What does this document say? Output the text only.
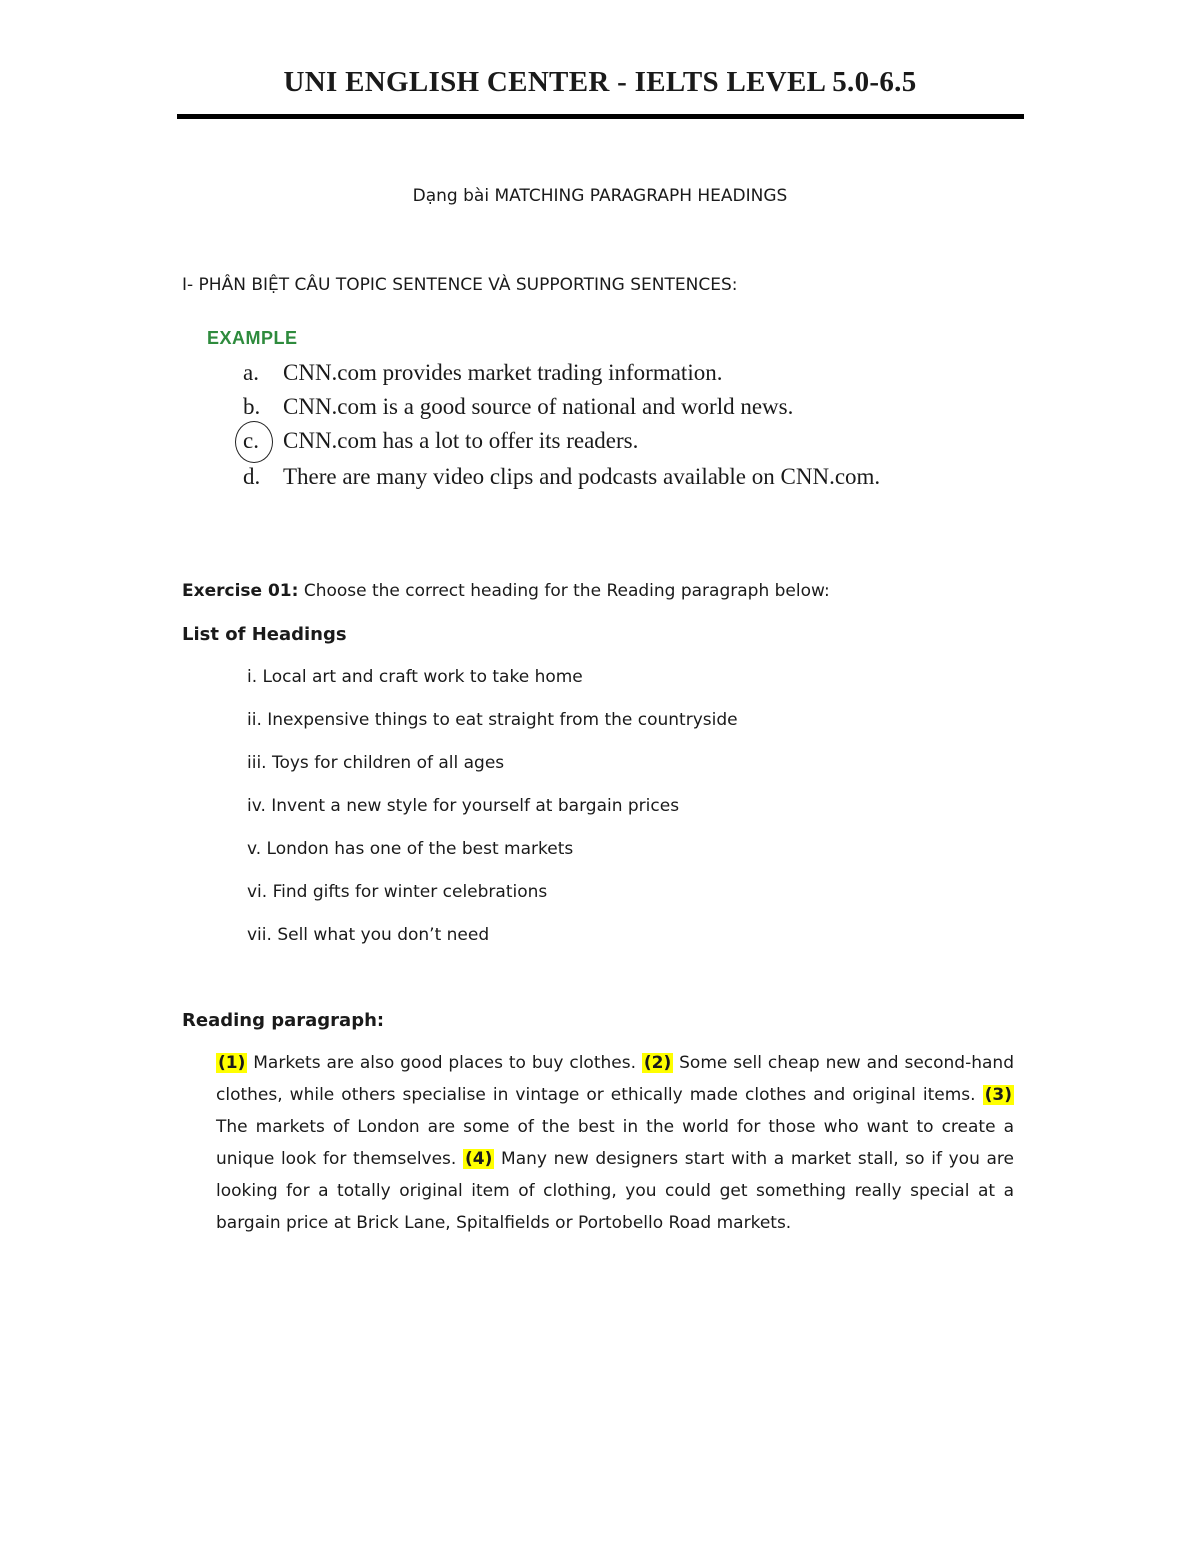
UNI ENGLISH CENTER - IELTS LEVEL 5.0-6.5
Dạng bài MATCHING PARAGRAPH HEADINGS
I- PHÂN BIỆT CÂU TOPIC SENTENCE VÀ SUPPORTING SENTENCES:
EXAMPLE
a. CNN.com provides market trading information.
b. CNN.com is a good source of national and world news.
c. CNN.com has a lot to offer its readers.
d. There are many video clips and podcasts available on CNN.com.
Exercise 01: Choose the correct heading for the Reading paragraph below:
List of Headings
i. Local art and craft work to take home
ii. Inexpensive things to eat straight from the countryside
iii. Toys for children of all ages
iv. Invent a new style for yourself at bargain prices
v. London has one of the best markets
vi. Find gifts for winter celebrations
vii. Sell what you don’t need
Reading paragraph:
(1) Markets are also good places to buy clothes. (2) Some sell cheap new and second-hand clothes, while others specialise in vintage or ethically made clothes and original items. (3) The markets of London are some of the best in the world for those who want to create a unique look for themselves. (4) Many new designers start with a market stall, so if you are looking for a totally original item of clothing, you could get something really special at a bargain price at Brick Lane, Spitalfields or Portobello Road markets.
